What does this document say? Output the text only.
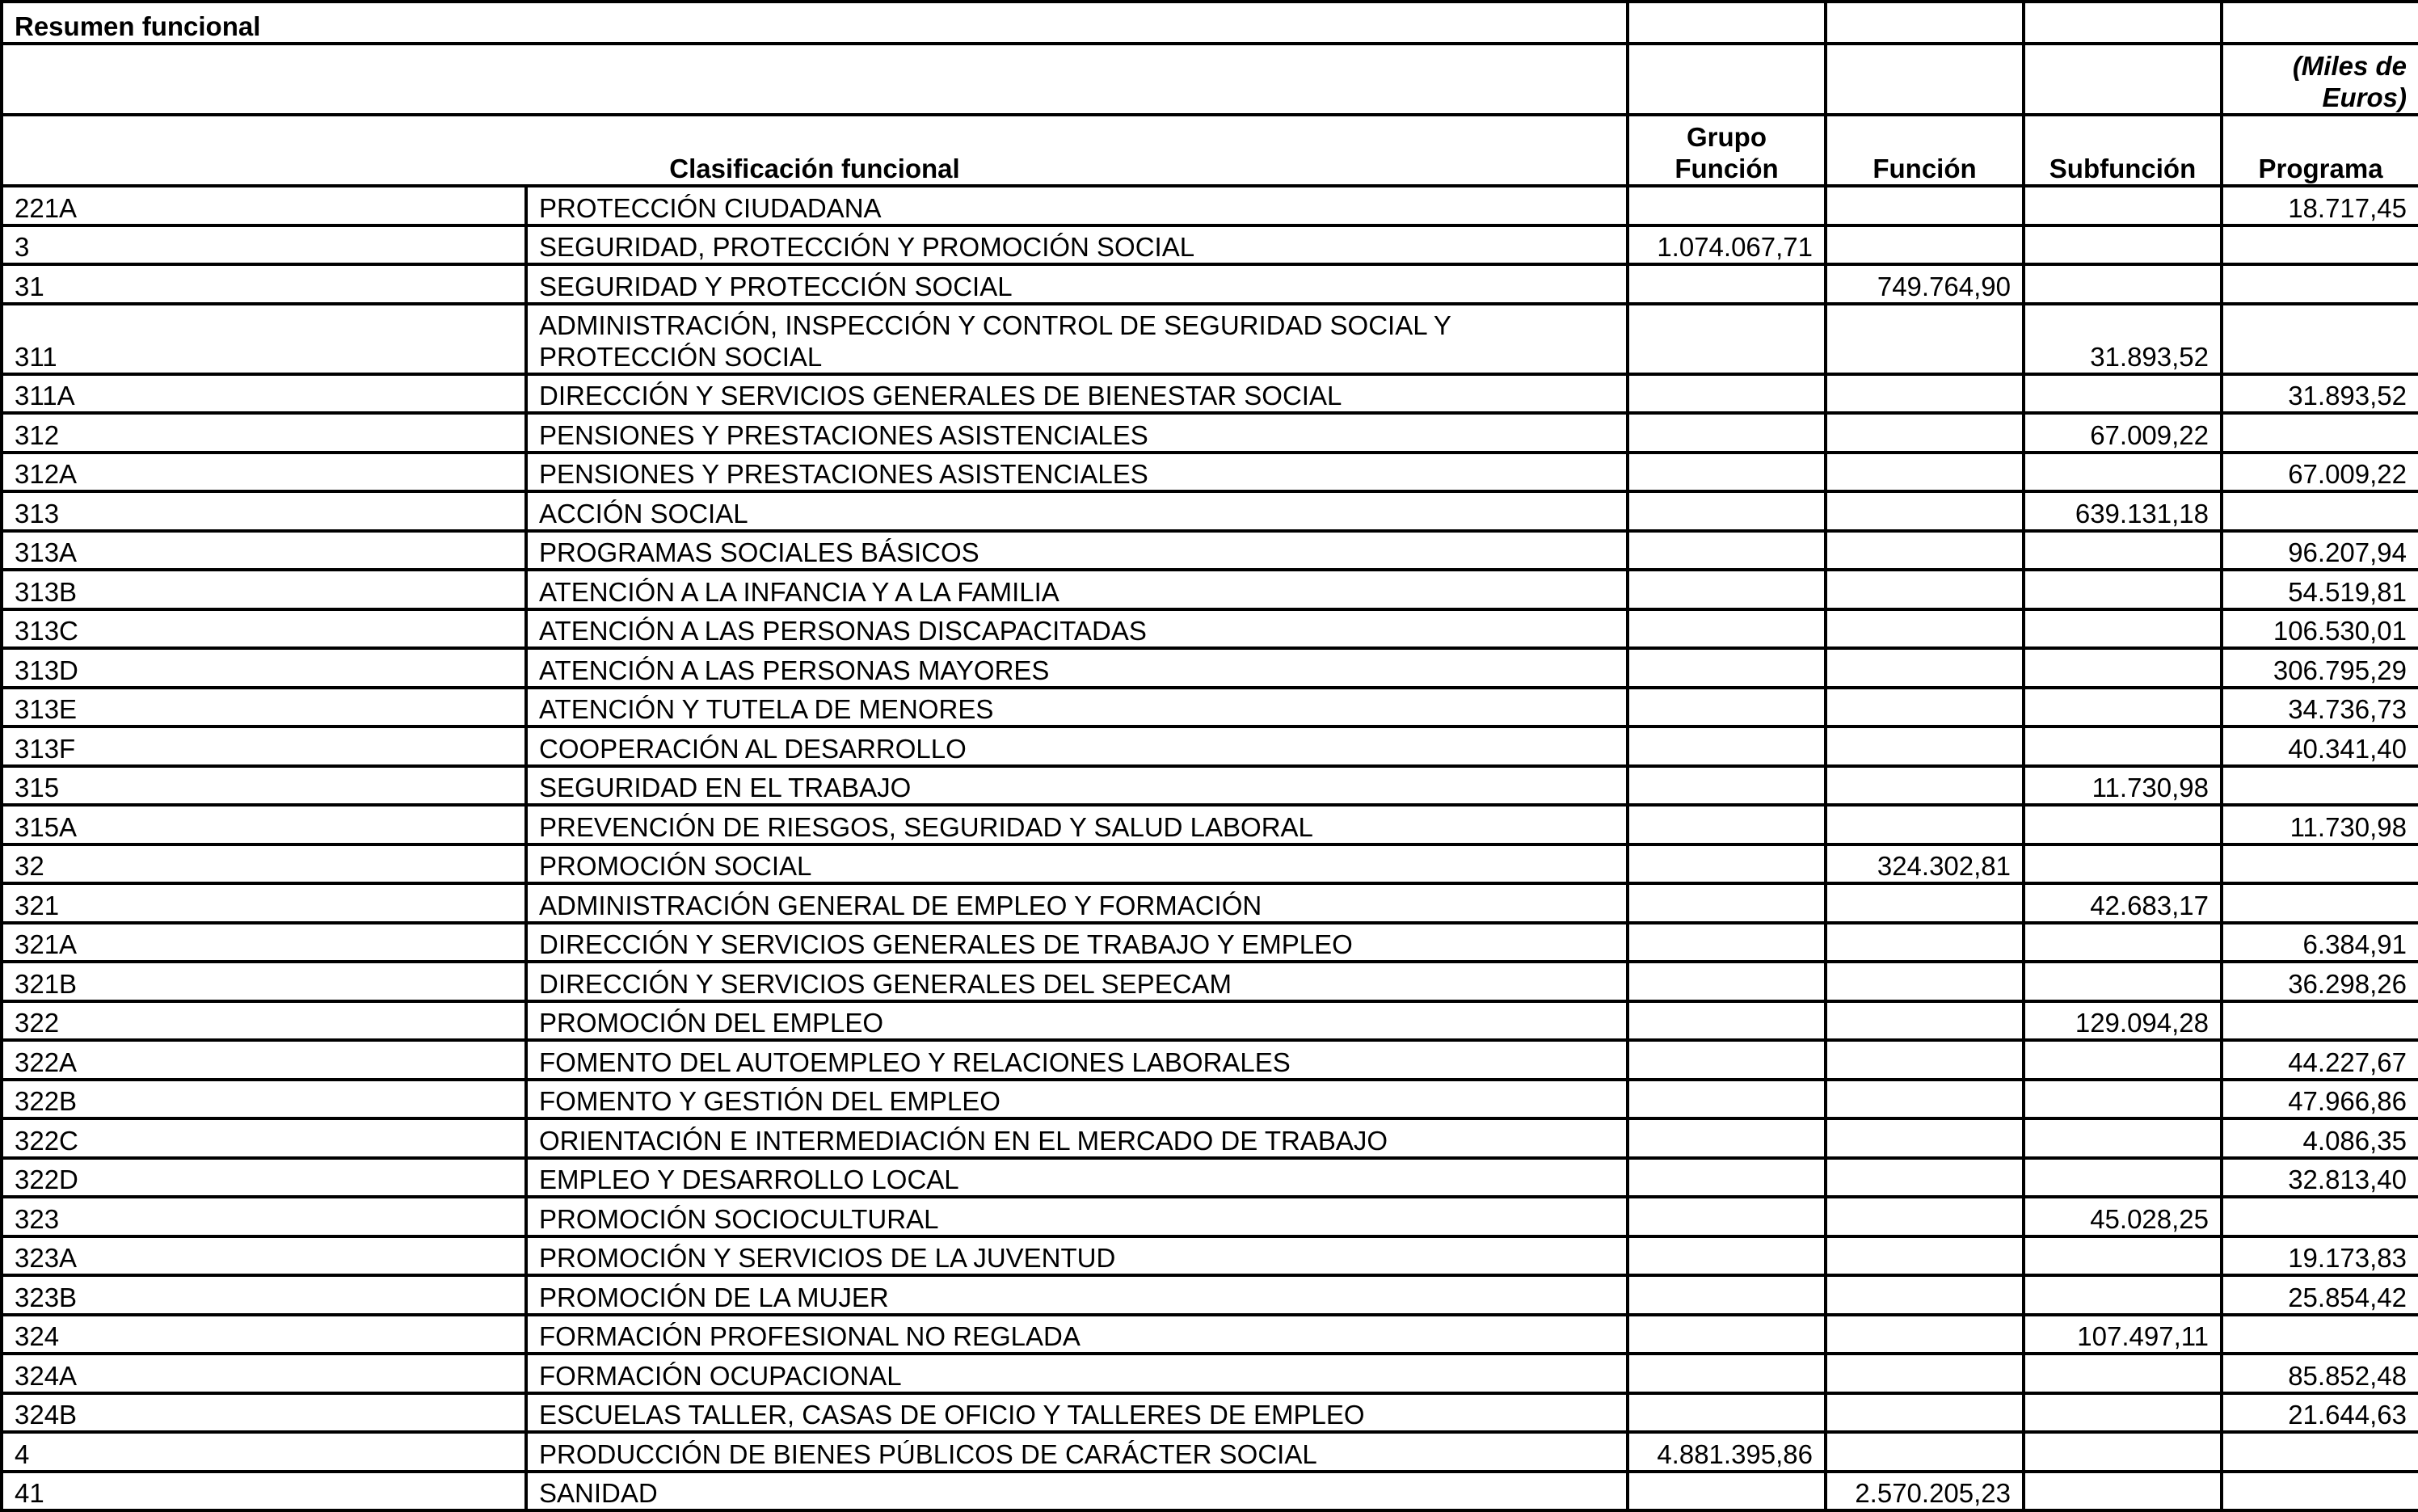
Resumen funcional					
					(Miles de Euros)
Clasificación funcional		Grupo Función	Función	Subfunción	Programa
221A	PROTECCIÓN CIUDADANA				18.717,45
3	SEGURIDAD, PROTECCIÓN Y PROMOCIÓN SOCIAL	1.074.067,71			
31	SEGURIDAD Y PROTECCIÓN SOCIAL		749.764,90		
311	ADMINISTRACIÓN, INSPECCIÓN Y CONTROL DE SEGURIDAD SOCIAL Y PROTECCIÓN SOCIAL			31.893,52	
311A	DIRECCIÓN Y SERVICIOS GENERALES DE BIENESTAR SOCIAL				31.893,52
312	PENSIONES Y PRESTACIONES ASISTENCIALES			67.009,22	
312A	PENSIONES Y PRESTACIONES ASISTENCIALES				67.009,22
313	ACCIÓN SOCIAL			639.131,18	
313A	PROGRAMAS SOCIALES BÁSICOS				96.207,94
313B	ATENCIÓN A LA INFANCIA Y A LA FAMILIA				54.519,81
313C	ATENCIÓN A LAS PERSONAS DISCAPACITADAS				106.530,01
313D	ATENCIÓN A LAS PERSONAS MAYORES				306.795,29
313E	ATENCIÓN Y TUTELA DE MENORES				34.736,73
313F	COOPERACIÓN AL DESARROLLO				40.341,40
315	SEGURIDAD EN EL TRABAJO			11.730,98	
315A	PREVENCIÓN DE RIESGOS, SEGURIDAD Y SALUD LABORAL				11.730,98
32	PROMOCIÓN SOCIAL		324.302,81		
321	ADMINISTRACIÓN GENERAL DE EMPLEO Y FORMACIÓN			42.683,17	
321A	DIRECCIÓN Y SERVICIOS GENERALES DE TRABAJO Y EMPLEO				6.384,91
321B	DIRECCIÓN Y SERVICIOS GENERALES DEL SEPECAM				36.298,26
322	PROMOCIÓN DEL EMPLEO			129.094,28	
322A	FOMENTO DEL AUTOEMPLEO Y RELACIONES LABORALES				44.227,67
322B	FOMENTO Y GESTIÓN DEL EMPLEO				47.966,86
322C	ORIENTACIÓN E INTERMEDIACIÓN EN EL MERCADO DE TRABAJO				4.086,35
322D	EMPLEO Y DESARROLLO LOCAL				32.813,40
323	PROMOCIÓN SOCIOCULTURAL			45.028,25	
323A	PROMOCIÓN Y SERVICIOS DE LA JUVENTUD				19.173,83
323B	PROMOCIÓN DE LA MUJER				25.854,42
324	FORMACIÓN PROFESIONAL NO REGLADA			107.497,11	
324A	FORMACIÓN OCUPACIONAL				85.852,48
324B	ESCUELAS TALLER, CASAS DE OFICIO Y TALLERES DE EMPLEO				21.644,63
4	PRODUCCIÓN DE BIENES PÚBLICOS DE CARÁCTER SOCIAL	4.881.395,86			
41	SANIDAD		2.570.205,23		
